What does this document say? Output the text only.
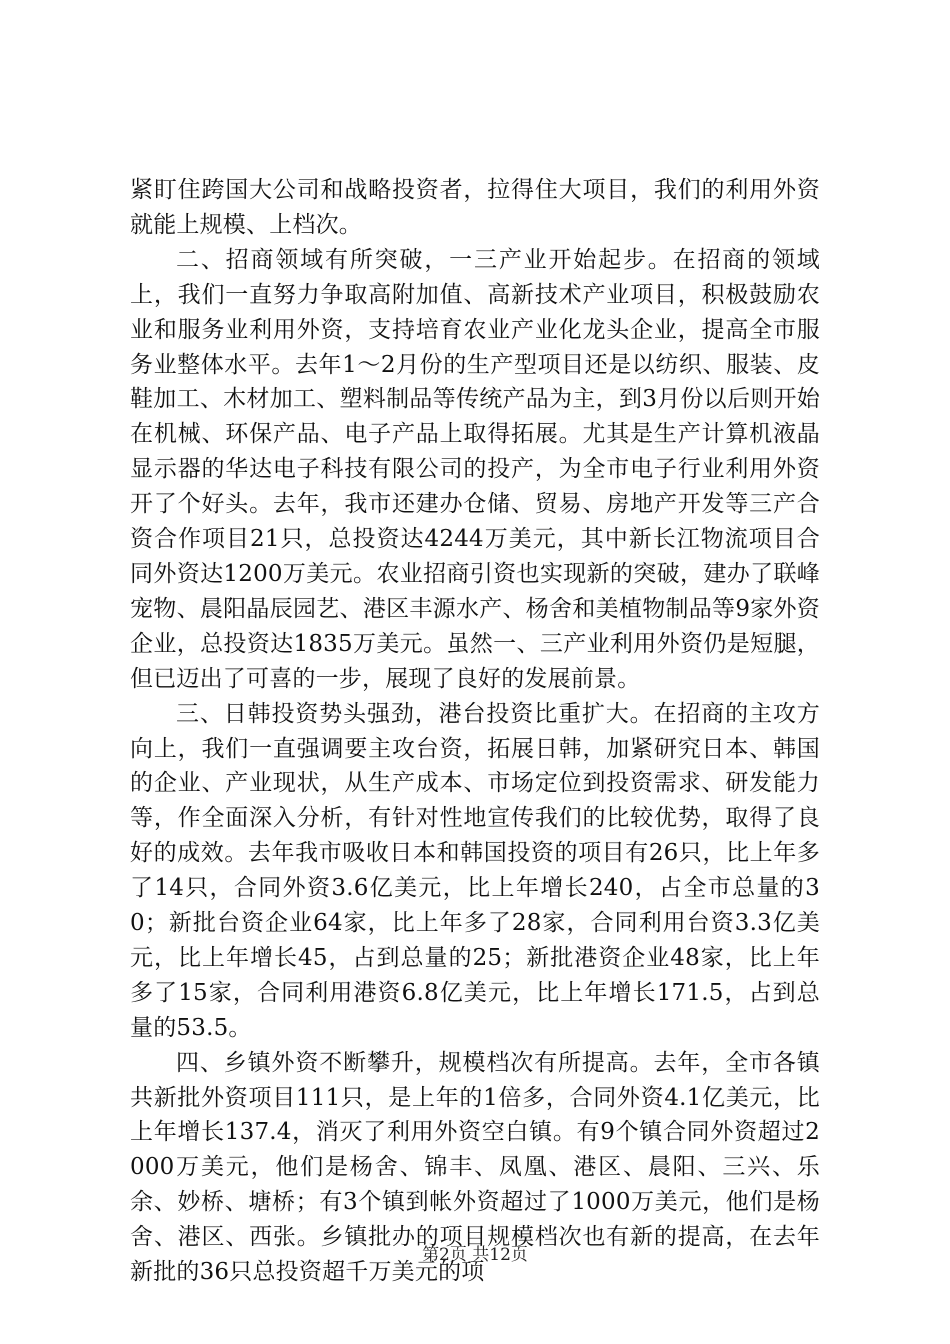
紧盯住跨国大公司和战略投资者，拉得住大项目，我们的利用外资就能上规模、上档次。

二、招商领域有所突破，一三产业开始起步。在招商的领域上，我们一直努力争取高附加值、高新技术产业项目，积极鼓励农业和服务业利用外资，支持培育农业产业化龙头企业，提高全市服务业整体水平。去年1～2月份的生产型项目还是以纺织、服装、皮鞋加工、木材加工、塑料制品等传统产品为主，到3月份以后则开始在机械、环保产品、电子产品上取得拓展。尤其是生产计算机液晶显示器的华达电子科技有限公司的投产，为全市电子行业利用外资开了个好头。去年，我市还建办仓储、贸易、房地产开发等三产合资合作项目21只，总投资达4244万美元，其中新长江物流项目合同外资达1200万美元。农业招商引资也实现新的突破，建办了联峰宠物、晨阳晶辰园艺、港区丰源水产、杨舍和美植物制品等9家外资企业，总投资达1835万美元。虽然一、三产业利用外资仍是短腿，但已迈出了可喜的一步，展现了良好的发展前景。

三、日韩投资势头强劲，港台投资比重扩大。在招商的主攻方向上，我们一直强调要主攻台资，拓展日韩，加紧研究日本、韩国的企业、产业现状，从生产成本、市场定位到投资需求、研发能力等，作全面深入分析，有针对性地宣传我们的比较优势，取得了良好的成效。去年我市吸收日本和韩国投资的项目有26只，比上年多了14只，合同外资3.6亿美元，比上年增长240，占全市总量的30；新批台资企业64家，比上年多了28家，合同利用台资3.3亿美元，比上年增长45，占到总量的25；新批港资企业48家，比上年多了15家，合同利用港资6.8亿美元，比上年增长171.5，占到总量的53.5。

四、乡镇外资不断攀升，规模档次有所提高。去年，全市各镇共新批外资项目111只，是上年的1倍多，合同外资4.1亿美元，比上年增长137.4，消灭了利用外资空白镇。有9个镇合同外资超过2000万美元，他们是杨舍、锦丰、凤凰、港区、晨阳、三兴、乐余、妙桥、塘桥；有3个镇到帐外资超过了1000万美元，他们是杨舍、港区、西张。乡镇批办的项目规模档次也有新的提高，在去年新批的36只总投资超千万美元的项

第2页 共12页
